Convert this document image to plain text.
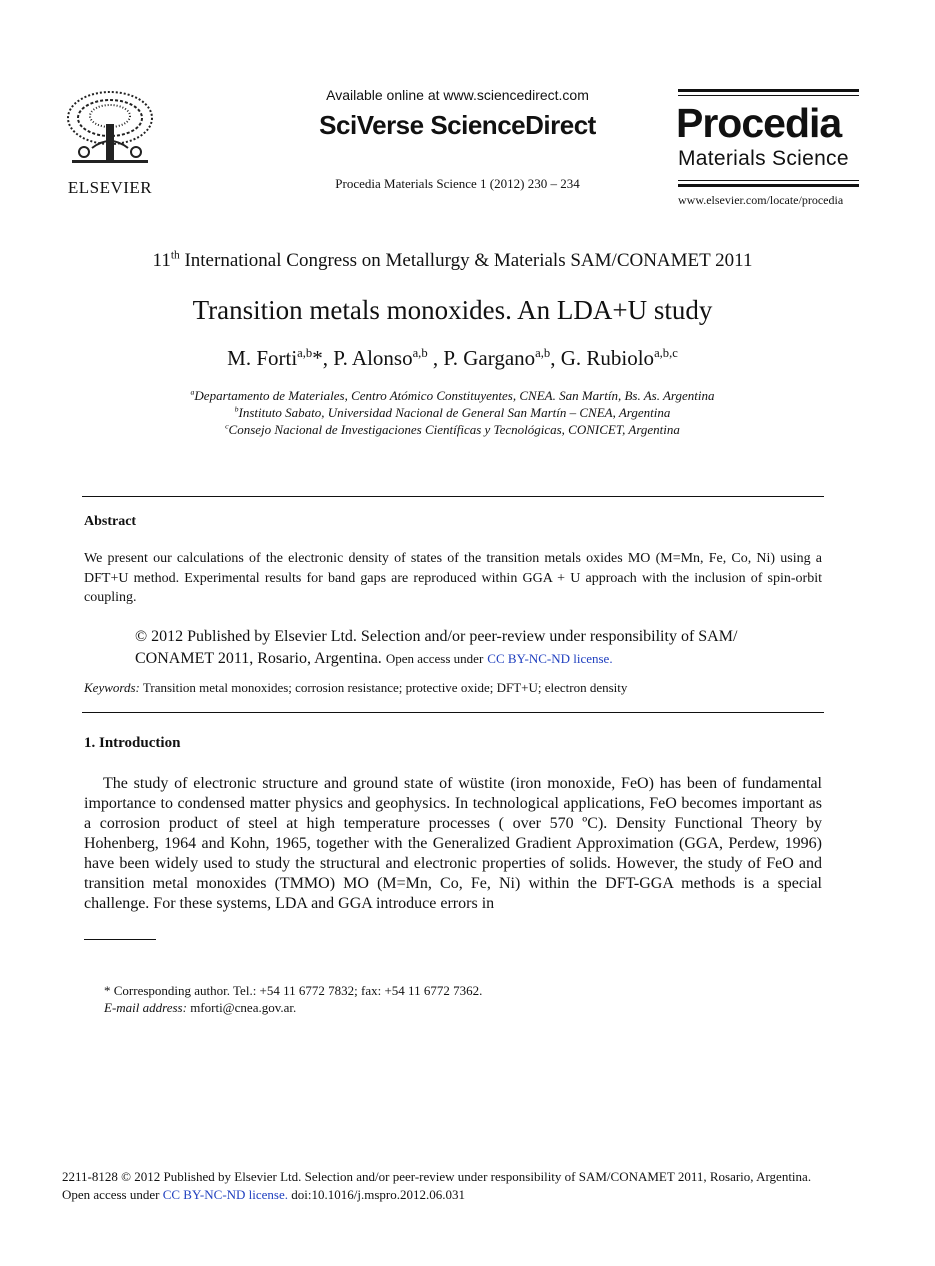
ELSEVIER
Available online at www.sciencedirect.com
SciVerse ScienceDirect
Procedia Materials Science 1 (2012) 230 – 234
Procedia
Materials Science
www.elsevier.com/locate/procedia
11th International Congress on Metallurgy & Materials SAM/CONAMET 2011
Transition metals monoxides. An LDA+U study
M. Forti$^{a,b}$*, P. Alonso$^{a,b}$ , P. Gargano$^{a,b}$, G. Rubiolo$^{a,b,c}$
$^a$Departamento de Materiales, Centro Atómico Constituyentes, CNEA. San Martín, Bs. As. Argentina
$^b$Instituto Sabato, Universidad Nacional de General San Martín – CNEA, Argentina
$^c$Consejo Nacional de Investigaciones Científicas y Tecnológicas, CONICET, Argentina
Abstract
We present our calculations of the electronic density of states of the transition metals oxides MO (M=Mn, Fe, Co, Ni) using a DFT+U method. Experimental results for band gaps are reproduced within GGA + U approach with the inclusion of spin-orbit coupling.
© 2012 Published by Elsevier Ltd. Selection and/or peer-review under responsibility of SAM/ CONAMET 2011, Rosario, Argentina. Open access under CC BY-NC-ND license.
Keywords: Transition metal monoxides; corrosion resistance; protective oxide; DFT+U; electron density
1. Introduction
The study of electronic structure and ground state of wüstite (iron monoxide, FeO) has been of fundamental importance to condensed matter physics and geophysics. In technological applications, FeO becomes important as a corrosion product of steel at high temperature processes ( over 570 ºC). Density Functional Theory by Hohenberg, 1964 and Kohn, 1965, together with the Generalized Gradient Approximation (GGA, Perdew, 1996) have been widely used to study the structural and electronic properties of solids. However, the study of FeO and transition metal monoxides (TMMO) MO (M=Mn, Co, Fe, Ni) within the DFT-GGA methods is a special challenge. For these systems, LDA and GGA introduce errors in
* Corresponding author. Tel.: +54 11 6772 7832; fax: +54 11 6772 7362.
E-mail address: mforti@cnea.gov.ar.
2211-8128 © 2012 Published by Elsevier Ltd. Selection and/or peer-review under responsibility of SAM/CONAMET 2011, Rosario, Argentina.
Open access under CC BY-NC-ND license. doi:10.1016/j.mspro.2012.06.031
